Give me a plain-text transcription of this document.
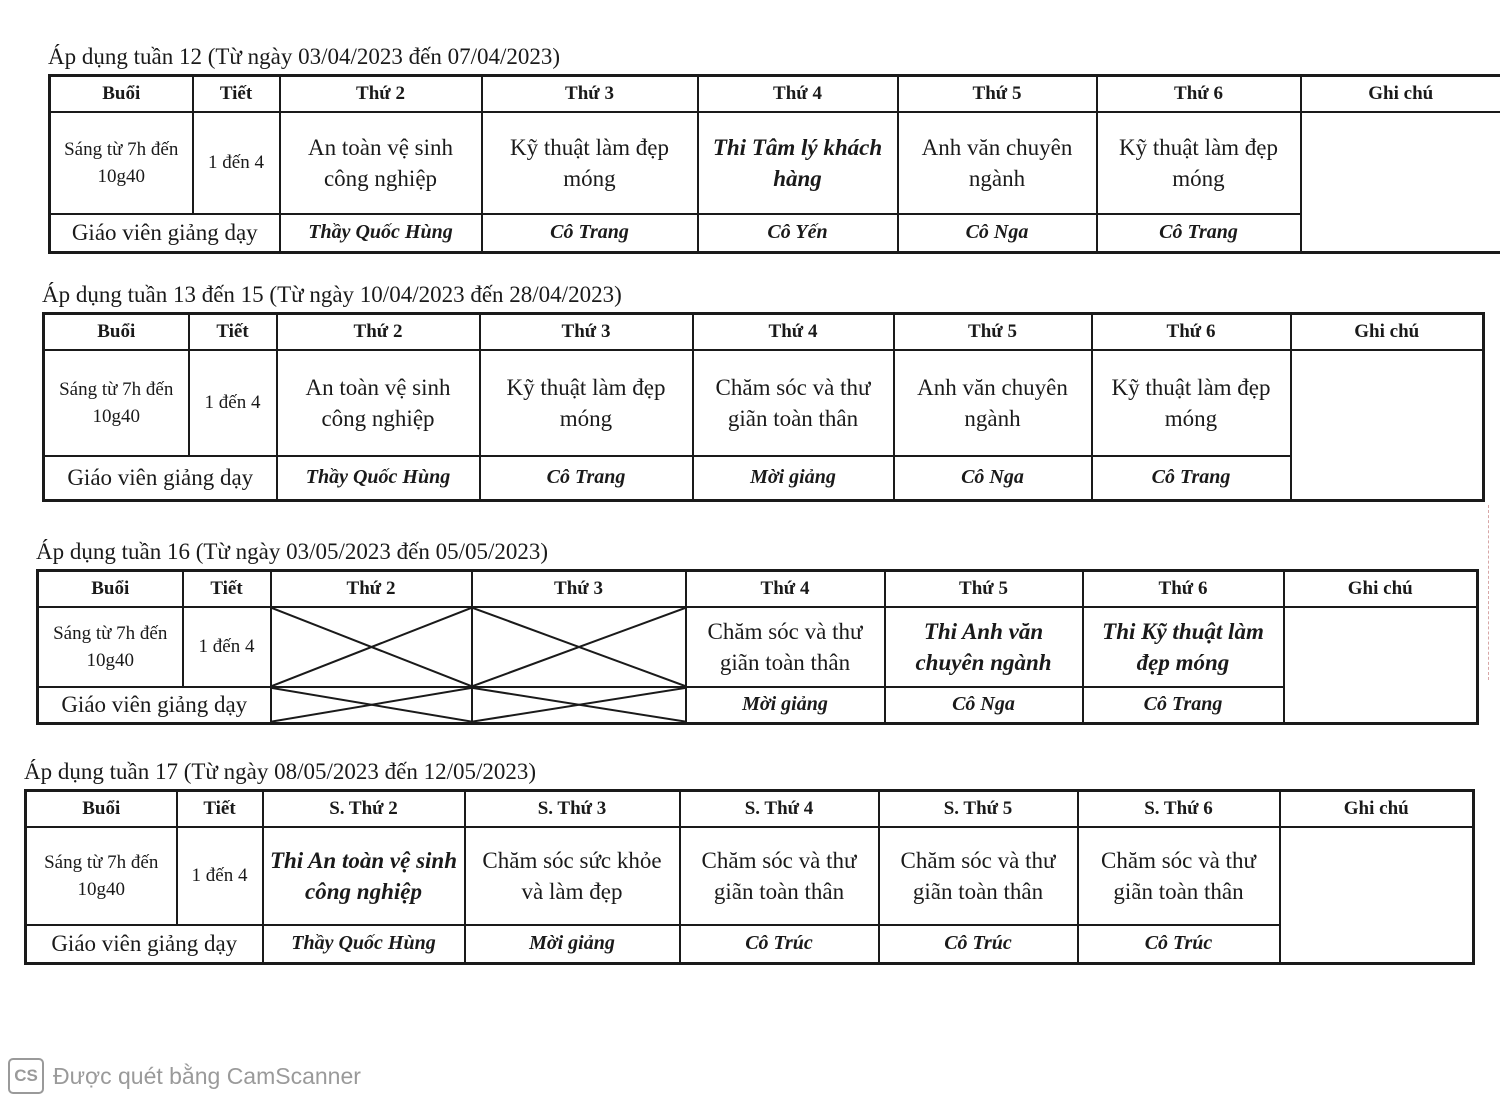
Áp dụng tuần 12 (Từ ngày 03/04/2023 đến 07/04/2023)
Buổi	Tiết	Thứ 2	Thứ 3	Thứ 4	Thứ 5	Thứ 6	Ghi chú
Sáng từ 7h đến 10g40	1 đến 4	An toàn vệ sinh công nghiệp	Kỹ thuật làm đẹp móng	Thi Tâm lý khách hàng	Anh văn chuyên ngành	Kỹ thuật làm đẹp móng	
Giáo viên giảng dạy		Thầy Quốc Hùng	Cô Trang	Cô Yến	Cô Nga	Cô Trang	
Áp dụng tuần 13 đến 15 (Từ ngày 10/04/2023 đến 28/04/2023)
Buổi	Tiết	Thứ 2	Thứ 3	Thứ 4	Thứ 5	Thứ 6	Ghi chú
Sáng từ 7h đến 10g40	1 đến 4	An toàn vệ sinh công nghiệp	Kỹ thuật làm đẹp móng	Chăm sóc và thư giãn toàn thân	Anh văn chuyên ngành	Kỹ thuật làm đẹp móng	
Giáo viên giảng dạy		Thầy Quốc Hùng	Cô Trang	Mời giảng	Cô Nga	Cô Trang	
Áp dụng tuần 16 (Từ ngày 03/05/2023 đến 05/05/2023)
Buổi	Tiết	Thứ 2	Thứ 3	Thứ 4	Thứ 5	Thứ 6	Ghi chú
Sáng từ 7h đến 10g40	1 đến 4			Chăm sóc và thư giãn toàn thân	Thi Anh văn chuyên ngành	Thi Kỹ thuật làm đẹp móng	
Giáo viên giảng dạy				Mời giảng	Cô Nga	Cô Trang	
Áp dụng tuần 17 (Từ ngày 08/05/2023 đến 12/05/2023)
Buổi	Tiết	S. Thứ 2	S. Thứ 3	S. Thứ 4	S. Thứ 5	S. Thứ 6	Ghi chú
Sáng từ 7h đến 10g40	1 đến 4	Thi An toàn vệ sinh công nghiệp	Chăm sóc sức khỏe và làm đẹp	Chăm sóc và thư giãn toàn thân	Chăm sóc và thư giãn toàn thân	Chăm sóc và thư giãn toàn thân	
Giáo viên giảng dạy		Thầy Quốc Hùng	Mời giảng	Cô Trúc	Cô Trúc	Cô Trúc	
CS Được quét bằng CamScanner
